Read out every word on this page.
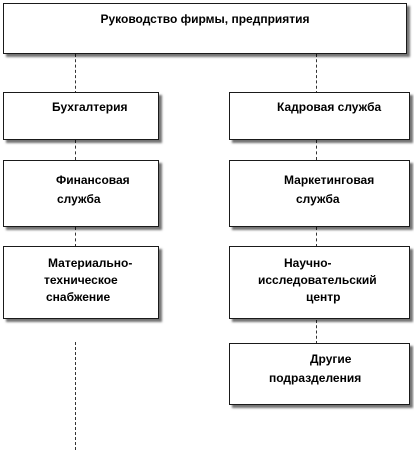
Руководство фирмы, предприятия
Бухгалтерия
Финансовая
служба
Материально-
техническое
снабжение
Кадровая служба
Маркетинговая
служба
Научно-
исследовательский
центр
Другие
подразделения
